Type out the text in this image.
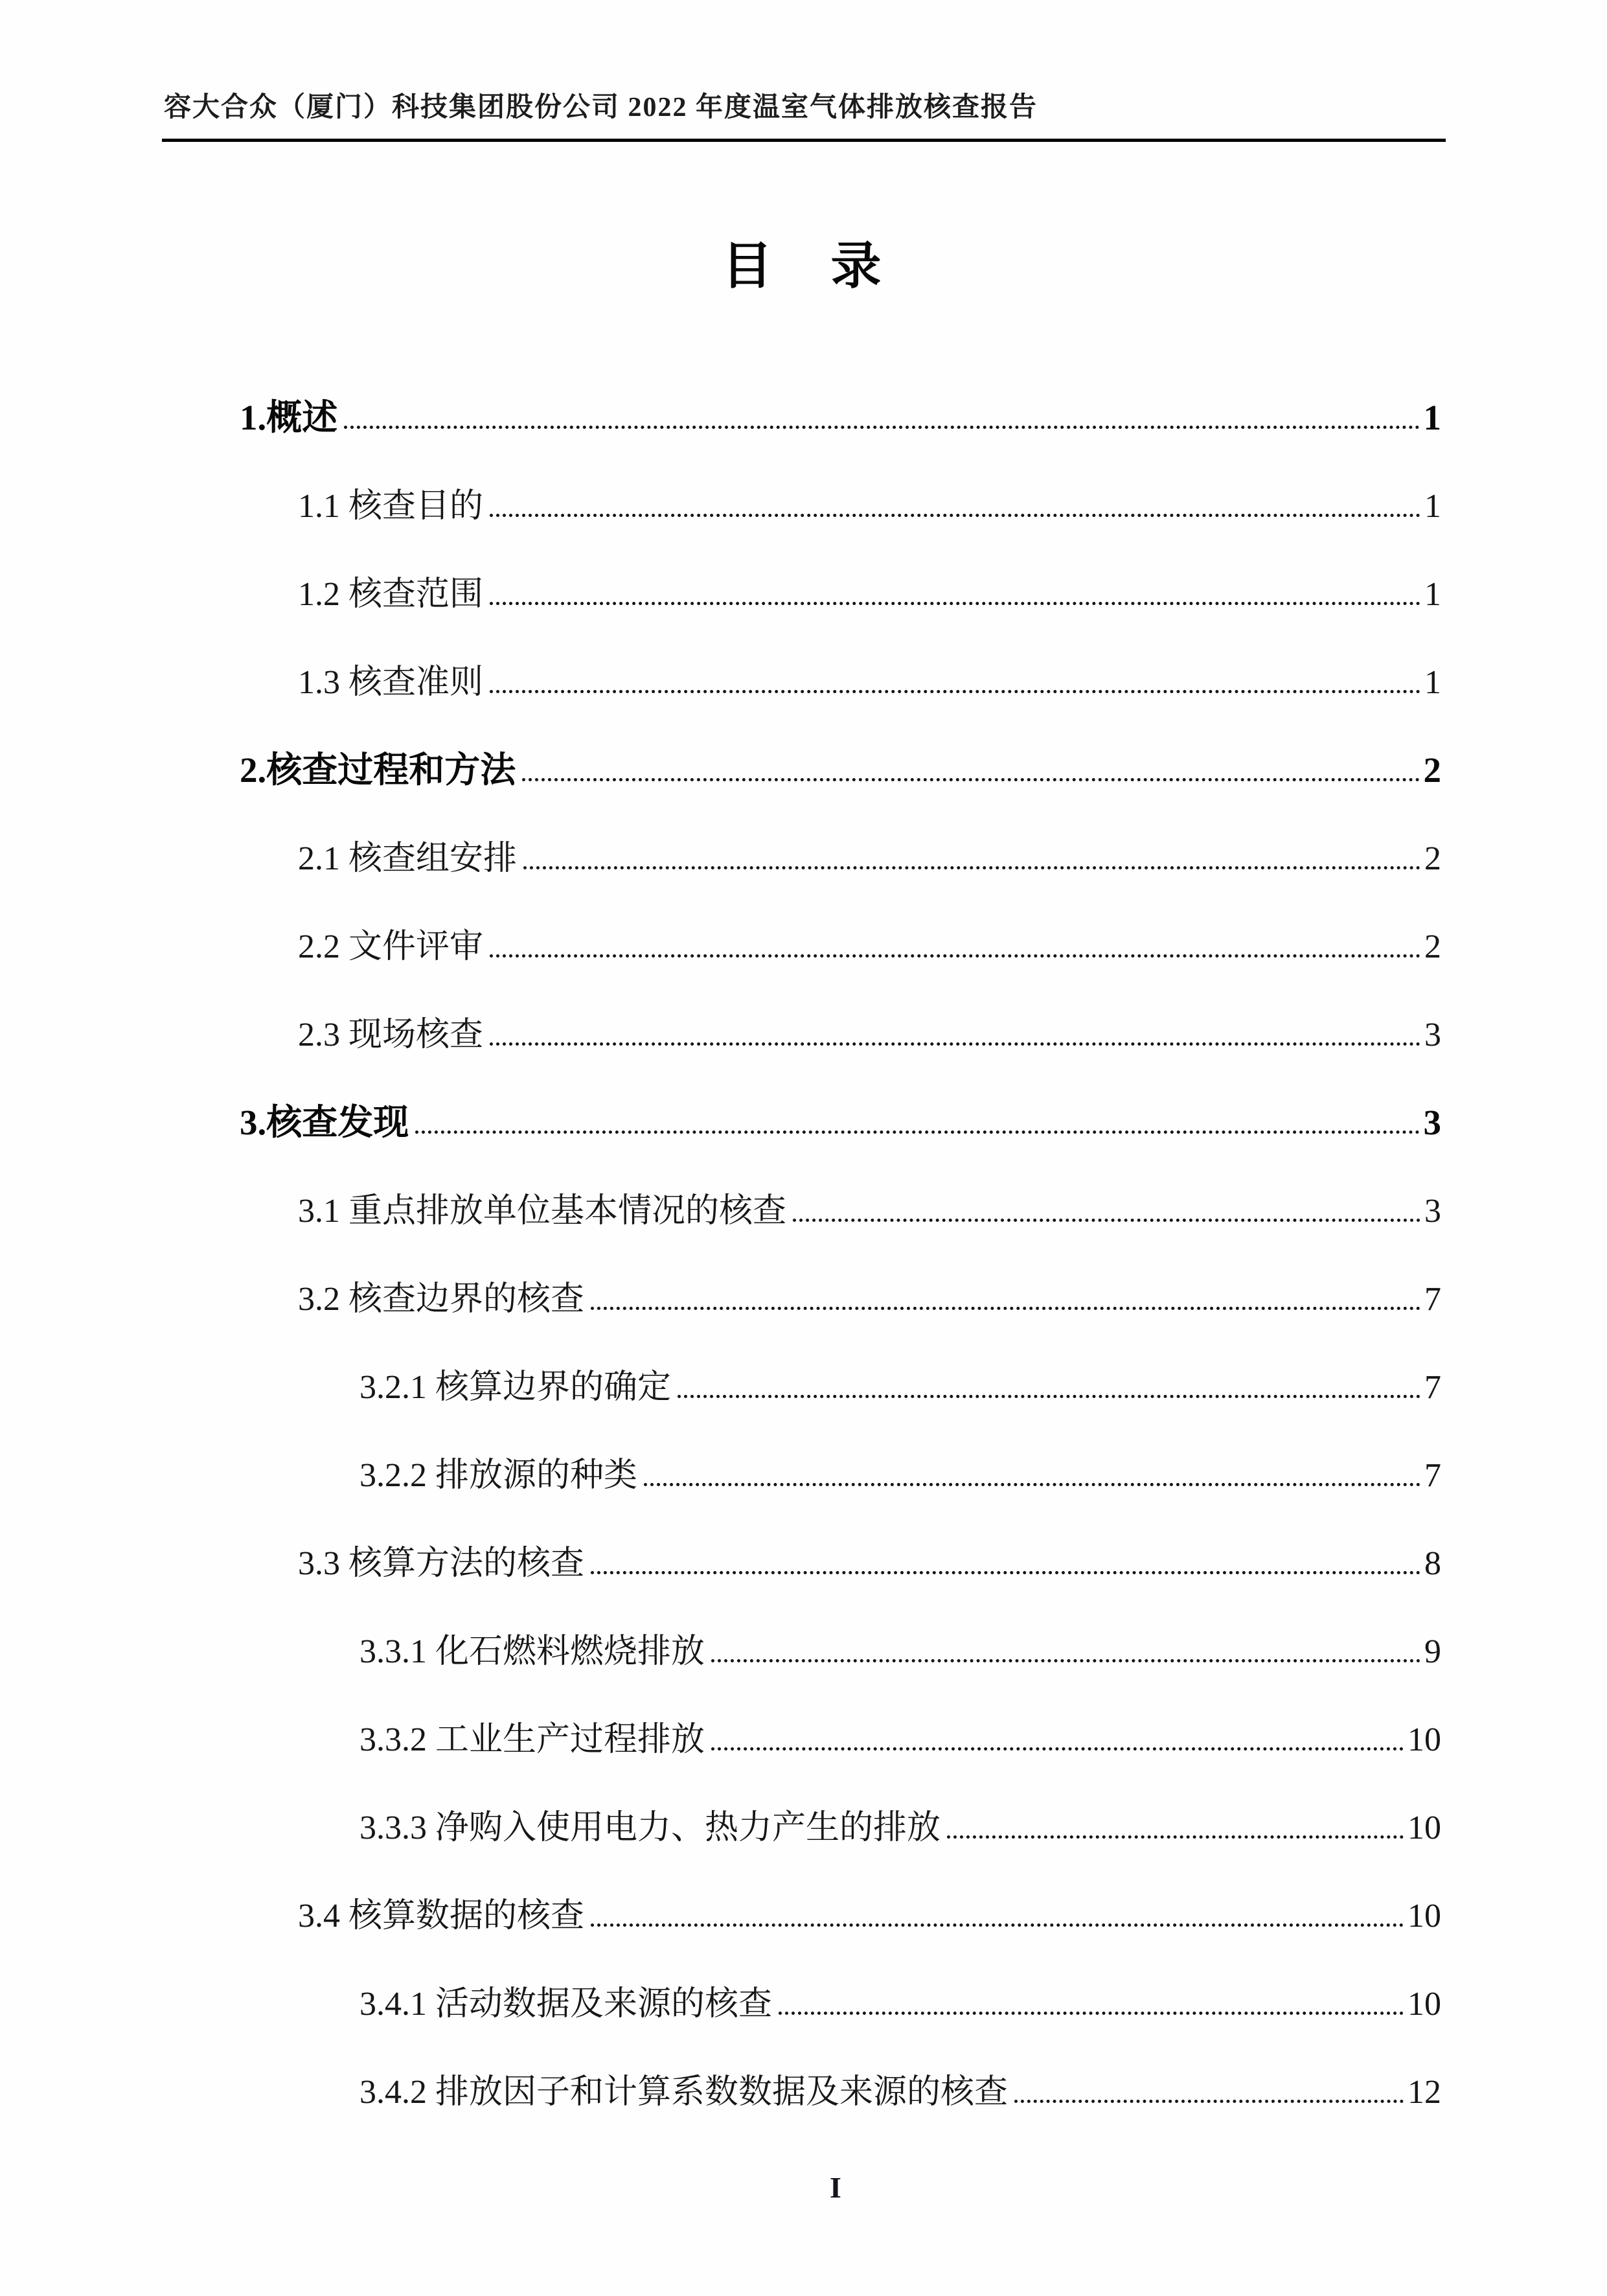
容大合众（厦门）科技集团股份公司 2022 年度温室气体排放核查报告
目　录
1.概述	1
1.1 核查目的	1
1.2 核查范围	1
1.3 核查准则	1
2.核查过程和方法	2
2.1 核查组安排	2
2.2 文件评审	2
2.3 现场核查	3
3.核查发现	3
3.1 重点排放单位基本情况的核查	3
3.2 核查边界的核查	7
3.2.1 核算边界的确定	7
3.2.2 排放源的种类	7
3.3 核算方法的核查	8
3.3.1 化石燃料燃烧排放	9
3.3.2 工业生产过程排放	10
3.3.3 净购入使用电力、热力产生的排放	10
3.4 核算数据的核查	10
3.4.1 活动数据及来源的核查	10
3.4.2 排放因子和计算系数数据及来源的核查	12
I
